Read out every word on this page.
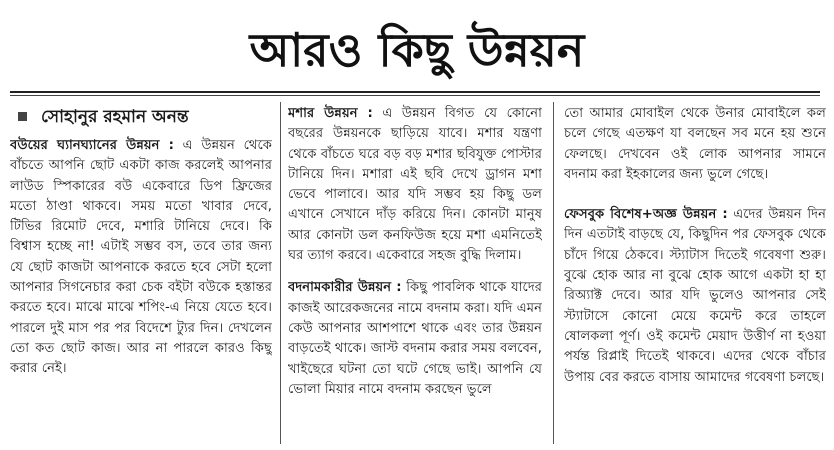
আরও কিছু উন্নয়ন
সোহানুর রহমান অনন্ত

বউয়ের ঘ্যানঘ্যানের উন্নয়ন : এ উন্নয়ন থেকে বাঁচতে আপনি ছোট একটা কাজ করলেই আপনার লাউড স্পিকারের বউ একেবারে ডিপ ফ্রিজের মতো ঠাণ্ডা থাকবে। সময় মতো খাবার দেবে, টিভির রিমোট দেবে, মশারি টানিয়ে দেবে। কি বিশ্বাস হচ্ছে না! এটাই সম্ভব বস, তবে তার জন্য যে ছোট কাজটা আপনাকে করতে হবে সেটা হলো আপনার সিগনেচার করা চেক বইটা বউকে হস্তান্তর করতে হবে। মাঝে মাঝে শপিং-এ নিয়ে যেতে হবে। পারলে দুই মাস পর পর বিদেশে ট্যুর দিন। দেখলেন তো কত ছোট কাজ। আর না পারলে কারও কিছু করার নেই।

মশার উন্নয়ন : এ উন্নয়ন বিগত যে কোনো বছরের উন্নয়নকে ছাড়িয়ে যাবে। মশার যন্ত্রণা থেকে বাঁচতে ঘরে বড় বড় মশার ছবিযুক্ত পোস্টার টানিয়ে দিন। মশারা এই ছবি দেখে ড্রাগন মশা ভেবে পালাবে। আর যদি সম্ভব হয় কিছু ডল এখানে সেখানে দাঁড় করিয়ে দিন। কোনটা মানুষ আর কোনটা ডল কনফিউজ হয়ে মশা এমনিতেই ঘর ত্যাগ করবে। একেবারে সহজ বুদ্ধি দিলাম।

বদনামকারীর উন্নয়ন : কিছু পাবলিক থাকে যাদের কাজই আরেকজনের নামে বদনাম করা। যদি এমন কেউ আপনার আশপাশে থাকে এবং তার উন্নয়ন বাড়তেই থাকে। জাস্ট বদনাম করার সময় বলবেন, খাইছেরে ঘটনা তো ঘটে গেছে ভাই। আপনি যে ভোলা মিয়ার নামে বদনাম করছেন ভুলে

তো আমার মোবাইল থেকে উনার মোবাইলে কল চলে গেছে এতক্ষণ যা বলছেন সব মনে হয় শুনে ফেলছে। দেখবেন ওই লোক আপনার সামনে বদনাম করা ইহকালের জন্য ভুলে গেছে।

ফেসবুক বিশেষ+অজ্ঞ উন্নয়ন : এদের উন্নয়ন দিন দিন এতটাই বাড়ছে যে, কিছুদিন পর ফেসবুক থেকে চাঁদে গিয়ে ঠেকবে। স্ট্যাটাস দিতেই গবেষণা শুরু। বুঝে হোক আর না বুঝে হোক আগে একটা হা হা রিঅ্যাক্ট দেবে। আর যদি ভুলেও আপনার সেই স্ট্যাটাসে কোনো মেয়ে কমেন্ট করে তাহলে ষোলকলা পূর্ণ। ওই কমেন্ট মেয়াদ উত্তীর্ণ না হওয়া পর্যন্ত রিপ্লাই দিতেই থাকবে। এদের থেকে বাঁচার উপায় বের করতে বাসায় আমাদের গবেষণা চলছে।
